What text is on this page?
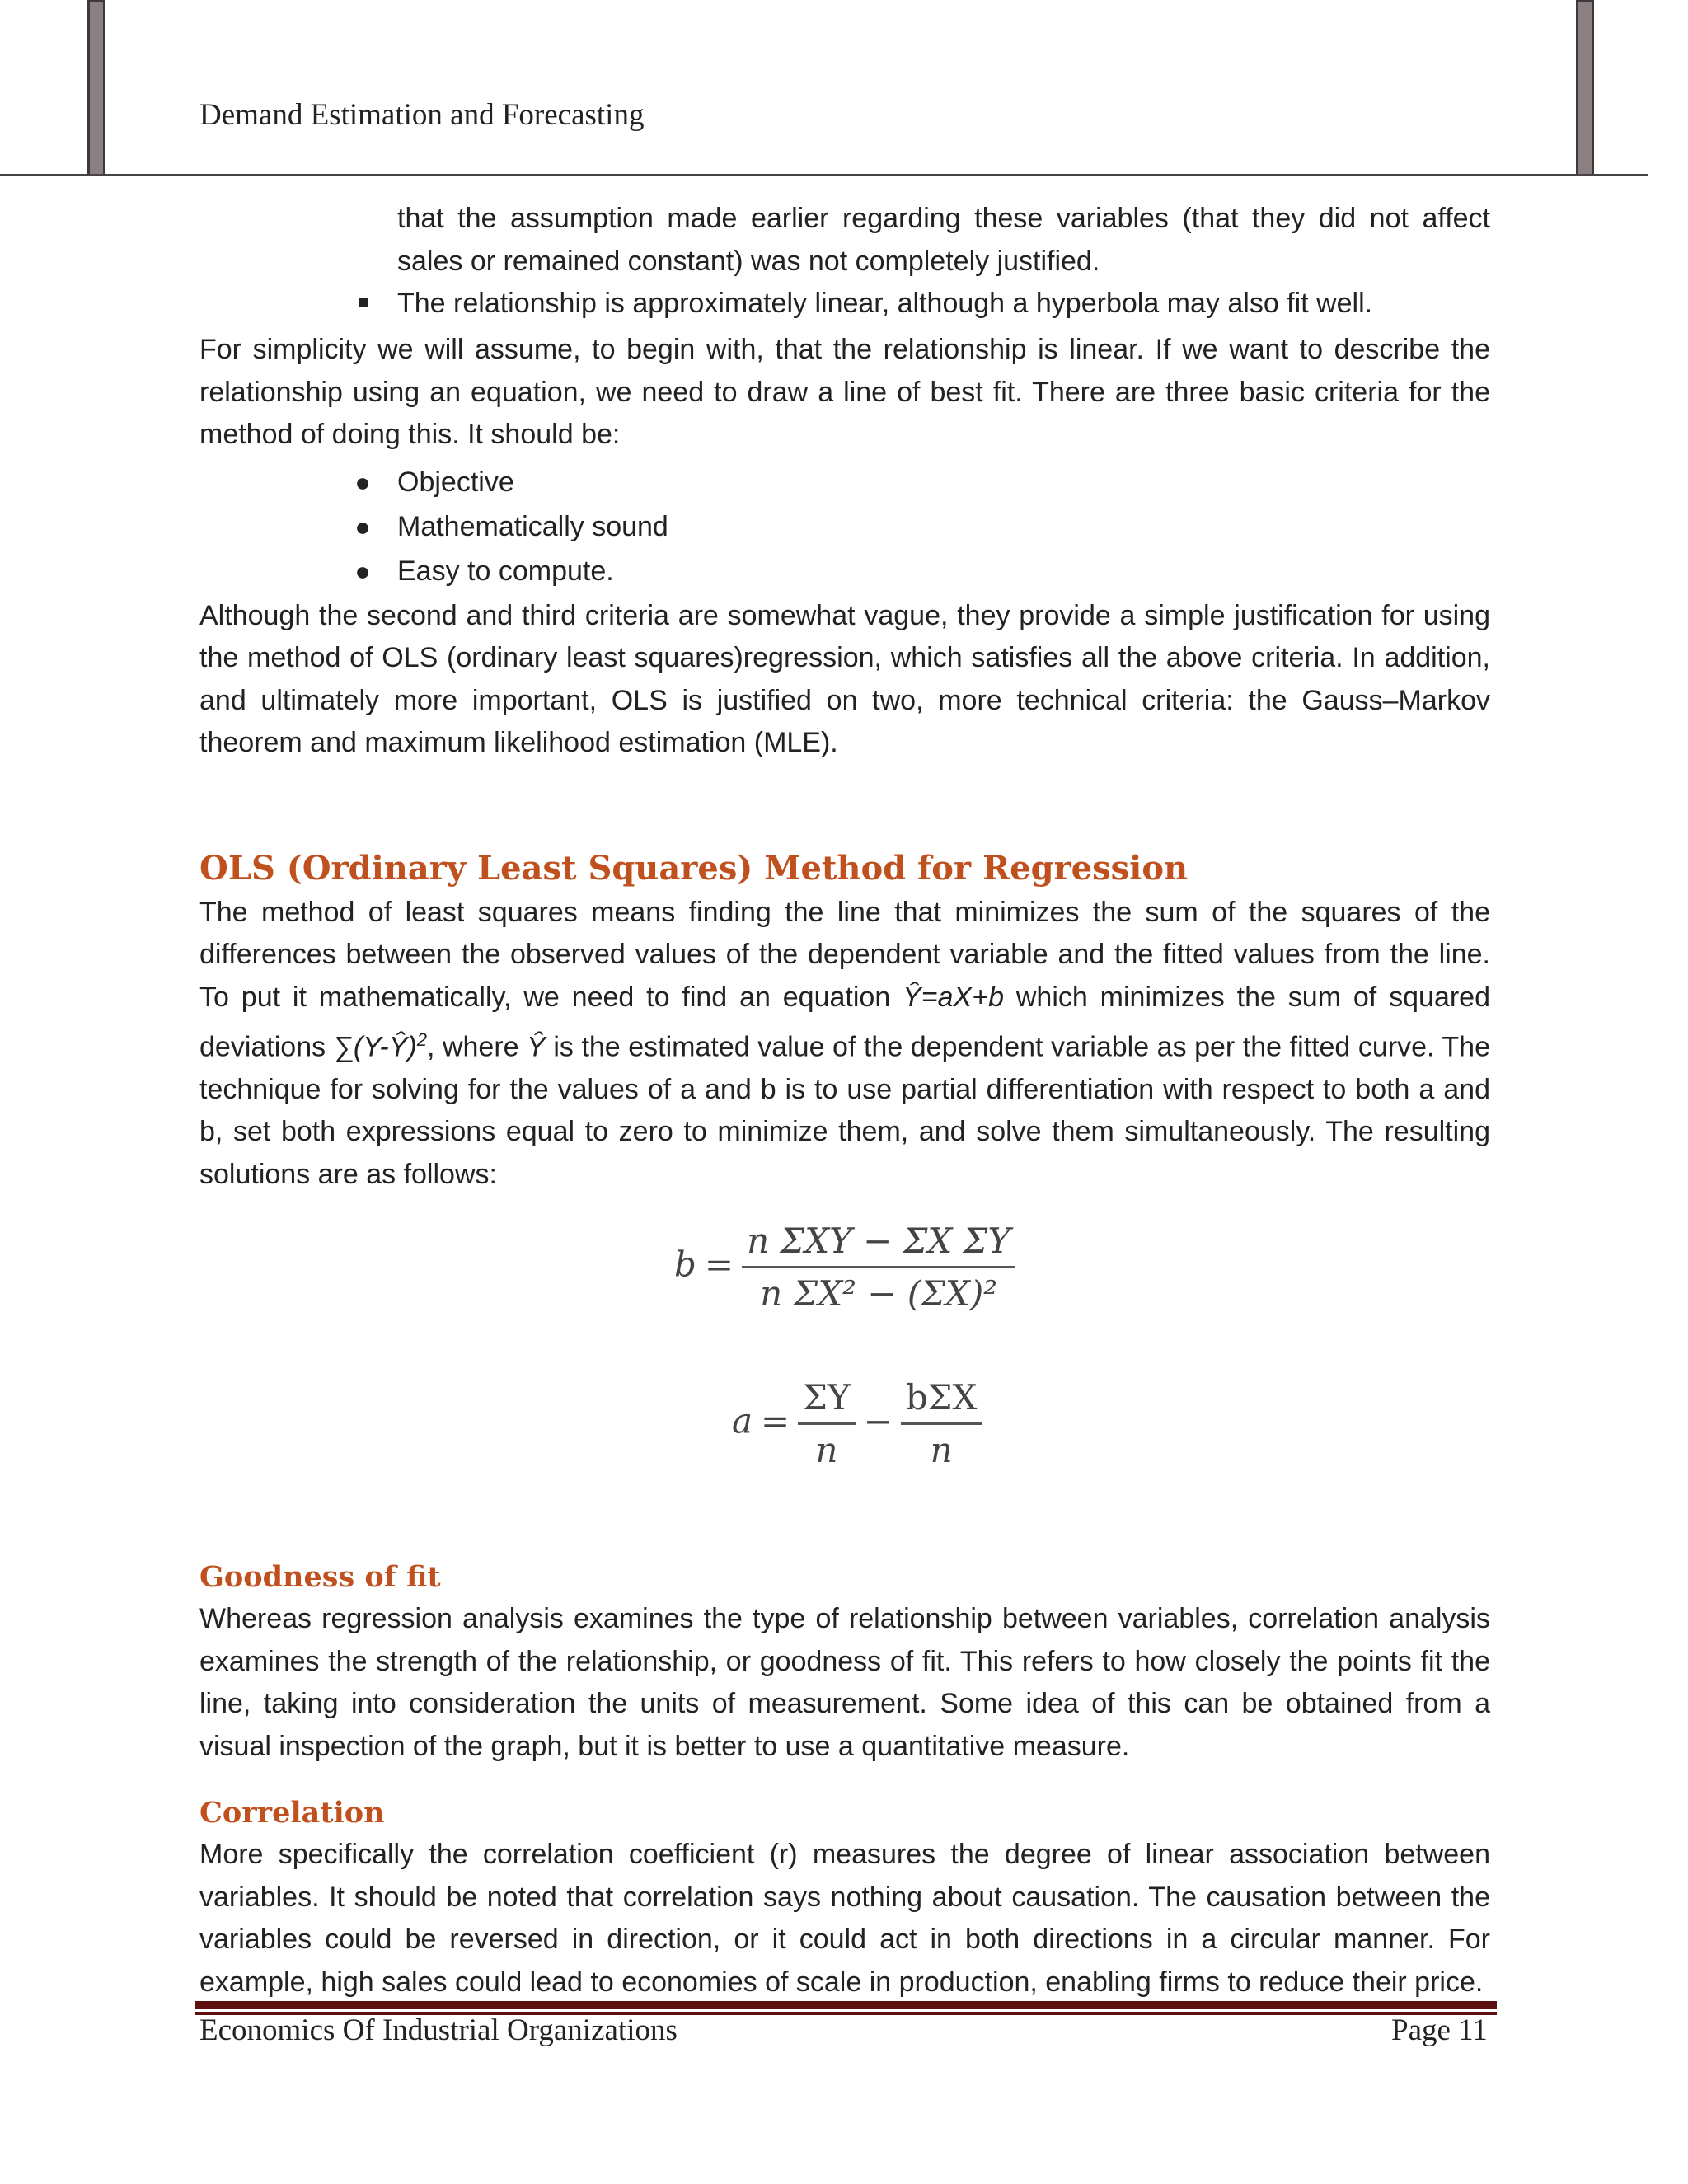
Demand Estimation and Forecasting

that the assumption made earlier regarding these variables (that they did not affect sales or remained constant) was not completely justified.

The relationship is approximately linear, although a hyperbola may also fit well.

For simplicity we will assume, to begin with, that the relationship is linear. If we want to describe the relationship using an equation, we need to draw a line of best fit. There are three basic criteria for the method of doing this. It should be:

● Objective
● Mathematically sound
● Easy to compute.

Although the second and third criteria are somewhat vague, they provide a simple justification for using the method of OLS (ordinary least squares)regression, which satisfies all the above criteria. In addition, and ultimately more important, OLS is justified on two, more technical criteria: the Gauss–Markov theorem and maximum likelihood estimation (MLE).

OLS (Ordinary Least Squares) Method for Regression

The method of least squares means finding the line that minimizes the sum of the squares of the differences between the observed values of the dependent variable and the fitted values from the line. To put it mathematically, we need to find an equation Ŷ=aX+b which minimizes the sum of squared deviations ∑(Y-Ŷ)$^2$, where Ŷ is the estimated value of the dependent variable as per the fitted curve. The technique for solving for the values of a and b is to use partial differentiation with respect to both a and b, set both expressions equal to zero to minimize them, and solve them simultaneously. The resulting solutions are as follows:

$b = \frac{\text{n ΣXY − ΣX ΣY}}{\text{n ΣX² − (ΣX)²}}$
$a = \frac{\Sigma Y}{n} - \frac{\text{bΣX}}{n}$
Goodness of fit

Whereas regression analysis examines the type of relationship between variables, correlation analysis examines the strength of the relationship, or goodness of fit. This refers to how closely the points fit the line, taking into consideration the units of measurement. Some idea of this can be obtained from a visual inspection of the graph, but it is better to use a quantitative measure.

Correlation

More specifically the correlation coefficient (r) measures the degree of linear association between variables. It should be noted that correlation says nothing about causation. The causation between the variables could be reversed in direction, or it could act in both directions in a circular manner. For example, high sales could lead to economies of scale in production, enabling firms to reduce their price.

Economics Of Industrial Organizations	Page 11
